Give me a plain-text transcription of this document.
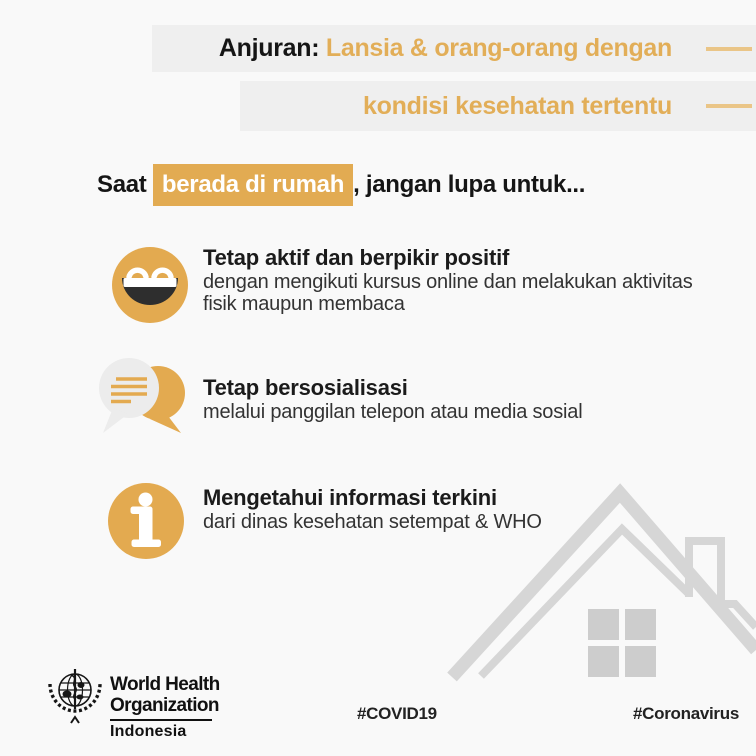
Anjuran: Lansia & orang-orang dengan
kondisi kesehatan tertentu
Saat berada di rumah , jangan lupa untuk...
Tetap aktif dan berpikir positif
dengan mengikuti kursus online dan melakukan aktivitas fisik maupun membaca
Tetap bersosialisasi
melalui panggilan telepon atau media sosial
Mengetahui informasi terkini
dari dinas kesehatan setempat & WHO
World Health
Organization
Indonesia
#COVID19	#Coronavirus
